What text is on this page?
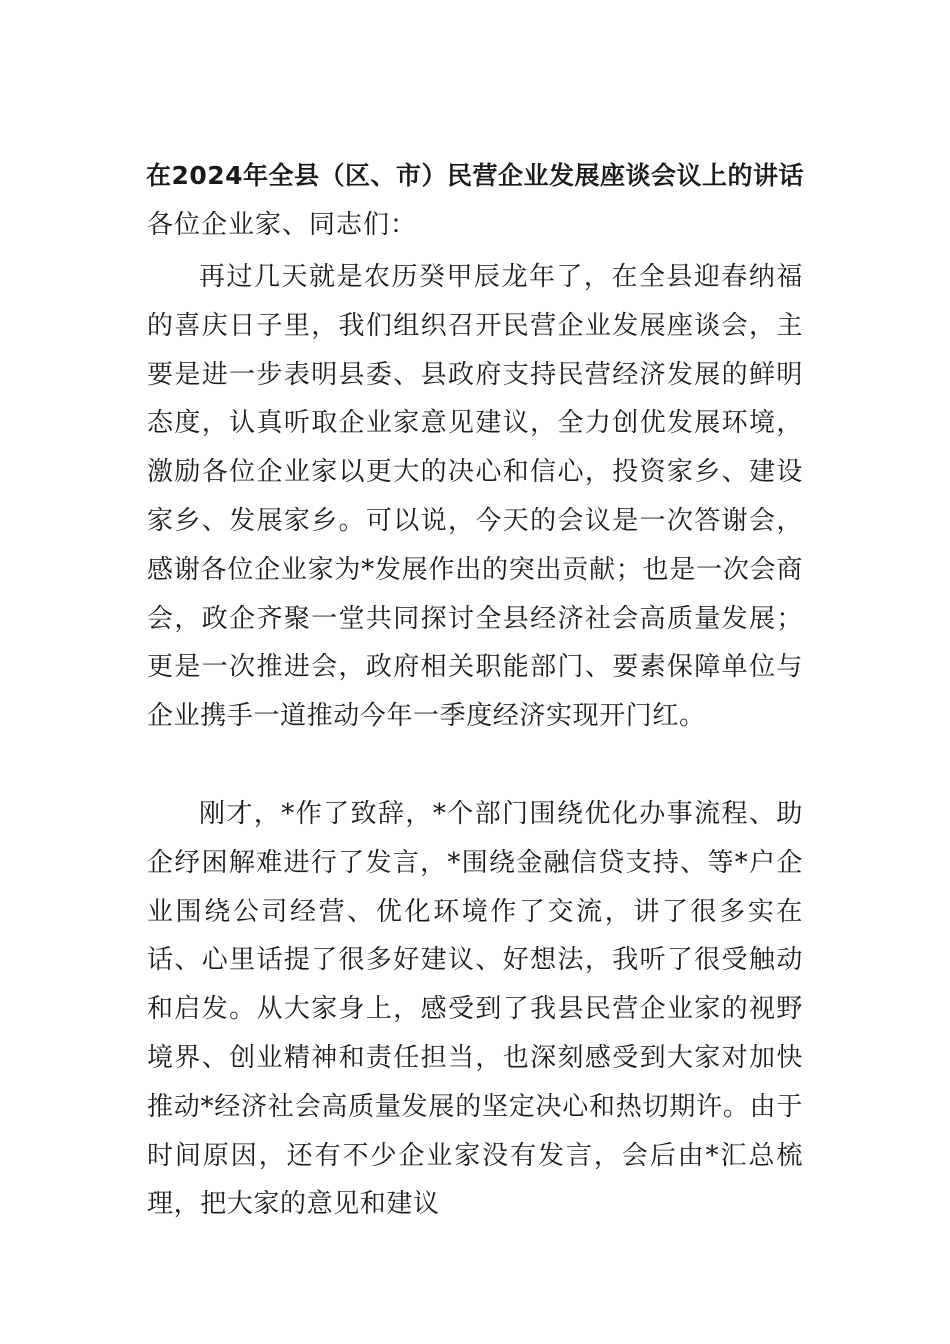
在2024年全县（区、市）民营企业发展座谈会议上的讲话
各位企业家、同志们：

再过几天就是农历癸甲辰龙年了，在全县迎春纳福的喜庆日子里，我们组织召开民营企业发展座谈会，主要是进一步表明县委、县政府支持民营经济发展的鲜明态度，认真听取企业家意见建议，全力创优发展环境，激励各位企业家以更大的决心和信心，投资家乡、建设家乡、发展家乡。可以说，今天的会议是一次答谢会，感谢各位企业家为*发展作出的突出贡献；也是一次会商会，政企齐聚一堂共同探讨全县经济社会高质量发展；更是一次推进会，政府相关职能部门、要素保障单位与企业携手一道推动今年一季度经济实现开门红。

刚才，*作了致辞，*个部门围绕优化办事流程、助企纾困解难进行了发言，*围绕金融信贷支持、等*户企业围绕公司经营、优化环境作了交流，讲了很多实在话、心里话提了很多好建议、好想法，我听了很受触动和启发。从大家身上，感受到了我县民营企业家的视野境界、创业精神和责任担当，也深刻感受到大家对加快推动*经济社会高质量发展的坚定决心和热切期许。由于时间原因，还有不少企业家没有发言，会后由*汇总梳理，把大家的意见和建议
